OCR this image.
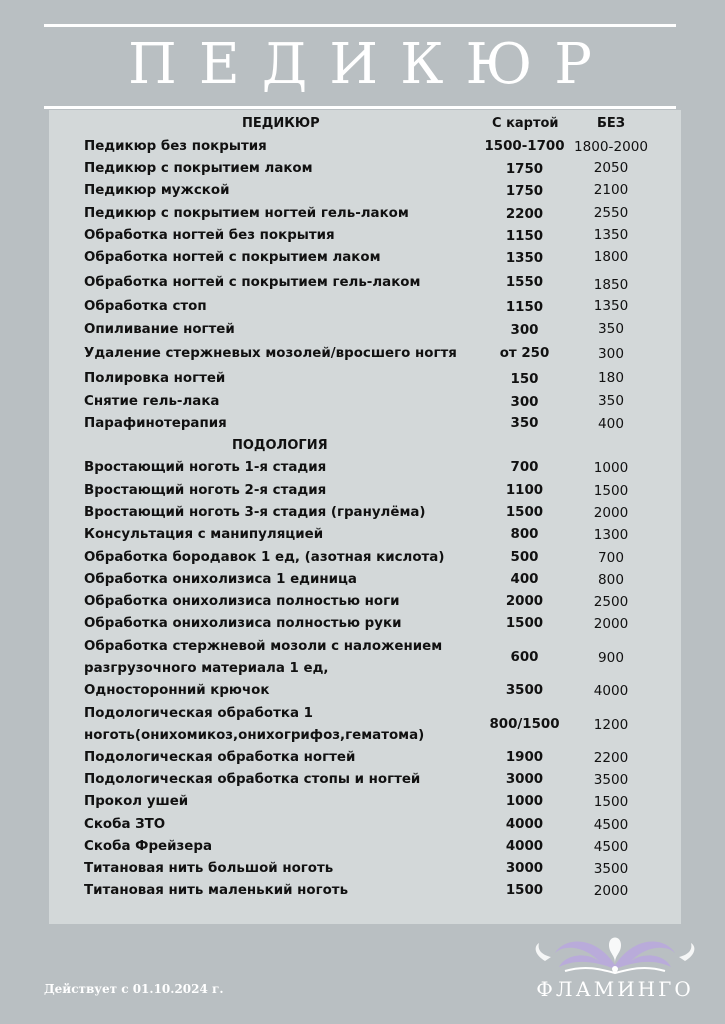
ПЕДИКЮР
ПЕДИКЮР	С картой	БЕЗ
Педикюр без покрытия	1500-1700 1800-2000
Педикюр с покрытием лаком	1750	2050
Педикюр мужской	1750	2100
Педикюр с покрытием ногтей гель-лаком	2200	2550
Обработка ногтей без покрытия	1150	1350
Обработка ногтей с покрытием лаком	1350	1800
Обработка ногтей с покрытием гель-лаком	1550	1850
Обработка стоп	1150	1350
Опиливание ногтей	300	350
Удаление стержневых мозолей/вросшего ногтя	от 250	300
Полировка ногтей	150	180
Снятие гель-лака	300	350
Парафинотерапия	350	400
Вростающий ноготь 1-я стадия	700	1000
Вростающий ноготь 2-я стадия	1100	1500
Вростающий ноготь 3-я стадия (гранулёма)	1500	2000
Консультация с манипуляцией	800	1300
Обработка бородавок 1 ед, (азотная кислота)	500	700
Обработка онихолизиса 1 единица	400	800
Обработка онихолизиса полностью ноги	2000	2500
Обработка онихолизиса полностью руки	1500	2000
Обработка стержневой мозоли с наложением разгрузочного материала 1 ед,
600	900
Односторонний крючок	3500	4000
Подологическая обработка 1 ноготь(онихомикоз,онихогрифоз,гематома)
800/1500	1200
Подологическая обработка ногтей	1900	2200
Подологическая обработка стопы и ногтей	3000	3500
Прокол ушей	1000	1500
Скоба ЗТО	4000	4500
Скоба Фрейзера	4000	4500
Титановая нить большой ноготь	3000	3500
Титановая нить маленький ноготь	1500	2000
ПОДОЛОГИЯ
Действует с 01.10.2024 г.	ФЛАМИНГО
